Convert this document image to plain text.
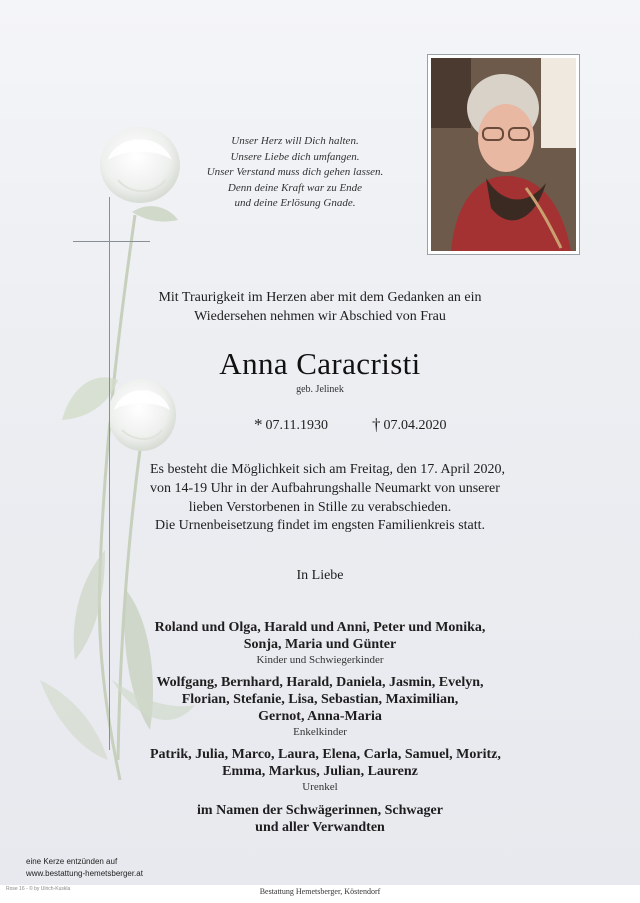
Unser Herz will Dich halten.
Unsere Liebe dich umfangen.
Unser Verstand muss dich gehen lassen.
Denn deine Kraft war zu Ende
und deine Erlösung Gnade.
Mit Traurigkeit im Herzen aber mit dem Gedanken an ein
Wiedersehen nehmen wir Abschied von Frau
Anna Caracristi
geb. Jelinek
* 07.11.1930	† 07.04.2020
Es besteht die Möglichkeit sich am Freitag, den 17. April 2020,
von 14-19 Uhr in der Aufbahrungshalle Neumarkt von unserer
lieben Verstorbenen in Stille zu verabschieden.
Die Urnenbeisetzung findet im engsten Familienkreis statt.
In Liebe
Roland und Olga, Harald und Anni, Peter und Monika,
Sonja, Maria und Günter
Kinder und Schwiegerkinder
Wolfgang, Bernhard, Harald, Daniela, Jasmin, Evelyn,
Florian, Stefanie, Lisa, Sebastian, Maximilian,
Gernot, Anna-Maria
Enkelkinder
Patrik, Julia, Marco, Laura, Elena, Carla, Samuel, Moritz,
Emma, Markus, Julian, Laurenz
Urenkel
im Namen der Schwägerinnen, Schwager
und aller Verwandten
eine Kerze entzünden auf
www.bestattung-hemetsberger.at
Rose 16 - © by Ulrich-Kuskla	Bestattung Hemetsberger, Köstendorf
